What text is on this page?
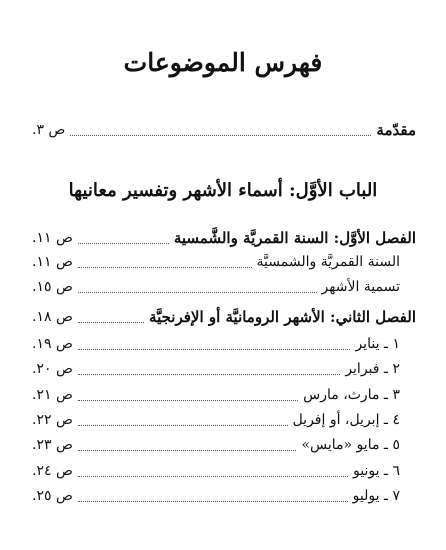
فهرس الموضوعات
مقدّمة
ص ٣.
الباب الأوَّل: أسماء الأشهر وتفسير معانيها
الفصل الأوَّل: السنة القمريَّة والشَّمسية
ص ١١.
السنة القمريَّة والشمسيَّة
ص ١١.
تسمية الأشهر
ص ١٥.
الفصل الثاني: الأشهر الرومانيَّة أو الإفرنجيَّة
ص ١٨.
١ ـ يناير
ص ١٩.
٢ ـ فبراير
ص ٢٠.
٣ ـ مارث، مارس
ص ٢١.
٤ ـ إبريل، أو إفريل
ص ٢٢.
٥ ـ مايو «مايس»
ص ٢٣.
٦ ـ يونيو
ص ٢٤.
٧ ـ يوليو
ص ٢٥.
